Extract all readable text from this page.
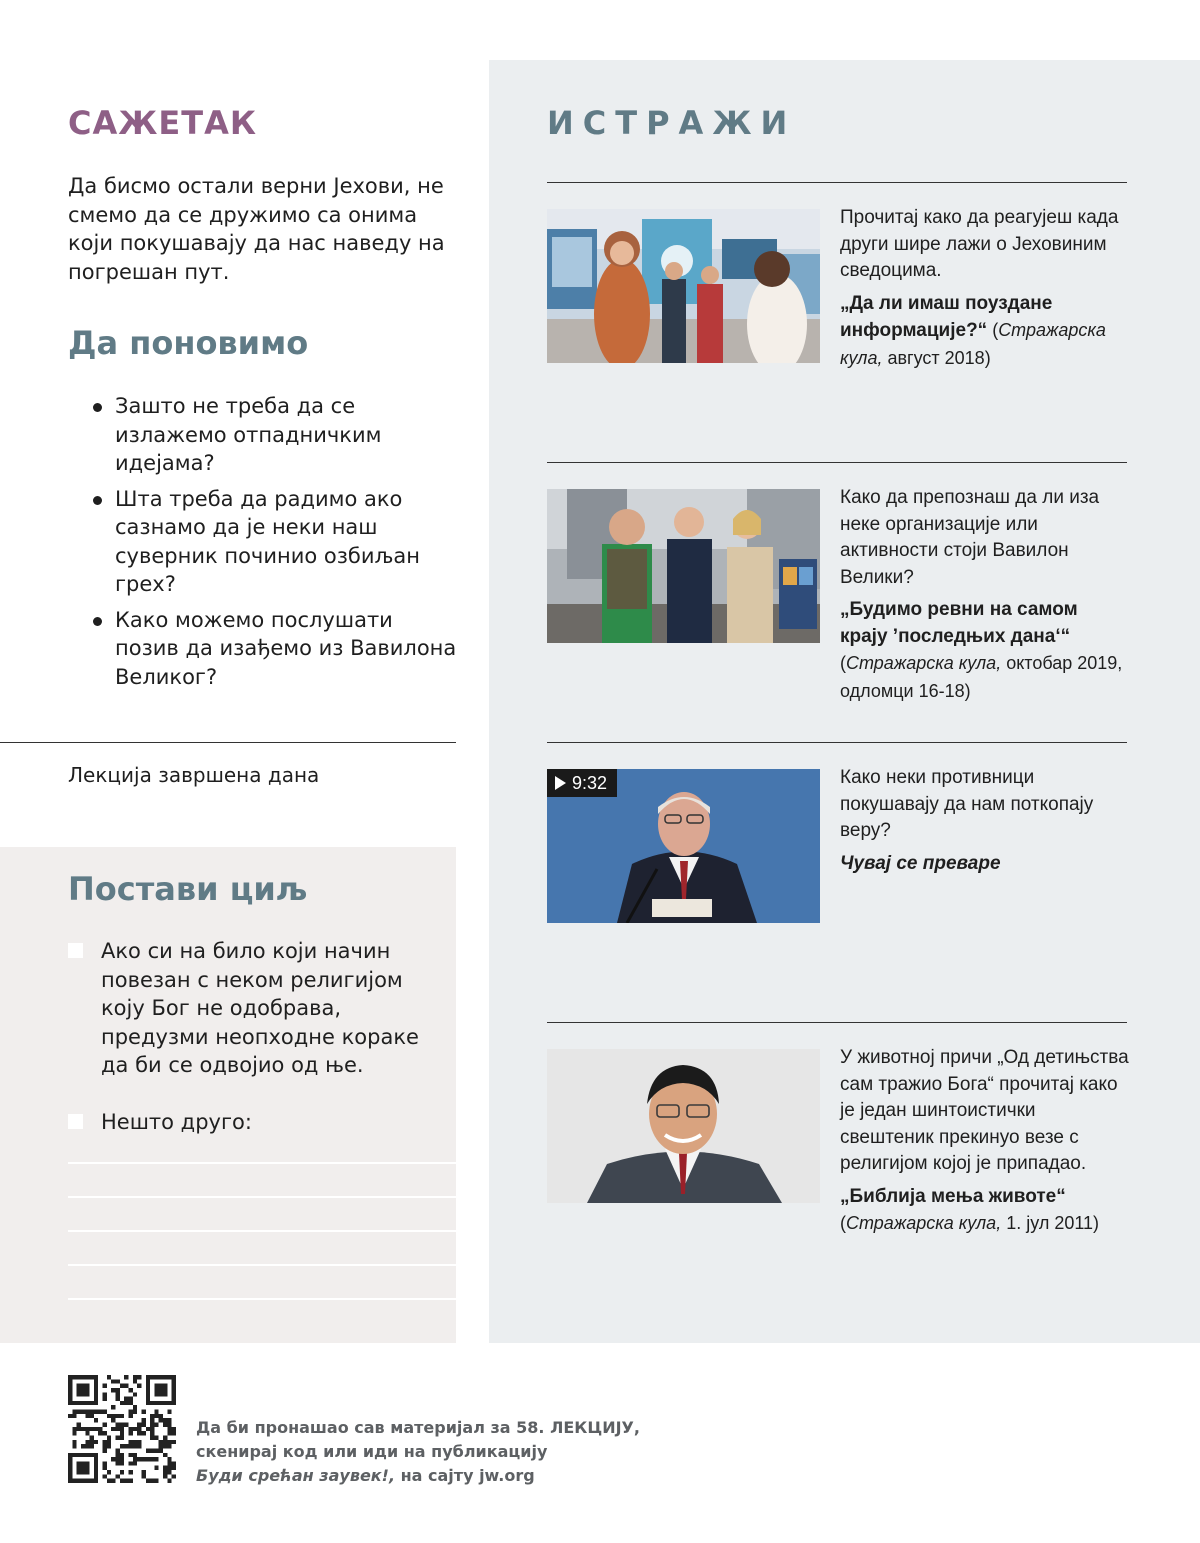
САЖЕТАК
Да бисмо остали верни Јехови, не смемо да се дружимо са онима који покушавају да нас наведу на погрешан пут.
Да поновимо
Зашто не треба да се излажемо отпадничким идејама?
Шта треба да радимо ако сазнамо да је неки наш суверник починио озбиљан грех?
Како можемо послушати позив да изађемо из Вавилона Великог?
Лекција завршена дана
Постави циљ
Ако си на било који начин повезан с неком религијом коју Бог не одобрава, предузми неопходне кораке да би се одвојио од ње.
Нешто друго:
ИСТРАЖИ
Прочитај како да реагујеш када други шире лажи о Јеховиним сведоцима.
„Да ли имаш поуздане информације?“ (Стражарска кула, август 2018)
Како да препознаш да ли иза неке организације или активности стоји Вавилон Велики?
„Будимо ревни на самом крају ’последњих дана‘“
(Стражарска кула, октобар 2019, одломци 16-18)
9:32	Како неки противници покушавају да нам поткопају веру?
Чувај се преваре
У животној причи „Од детињства сам тражио Бога“ прочитај како је један шинтоистички свештеник прекинуо везе с религијом којој је припадао.
„Библија мења животе“
(Стражарска кула, 1. јул 2011)
Да би пронашао сав материјал за 58. ЛЕКЦИЈУ,
скенирај код или иди на публикацију
Буди срећан заувек!, на сајту jw.org
